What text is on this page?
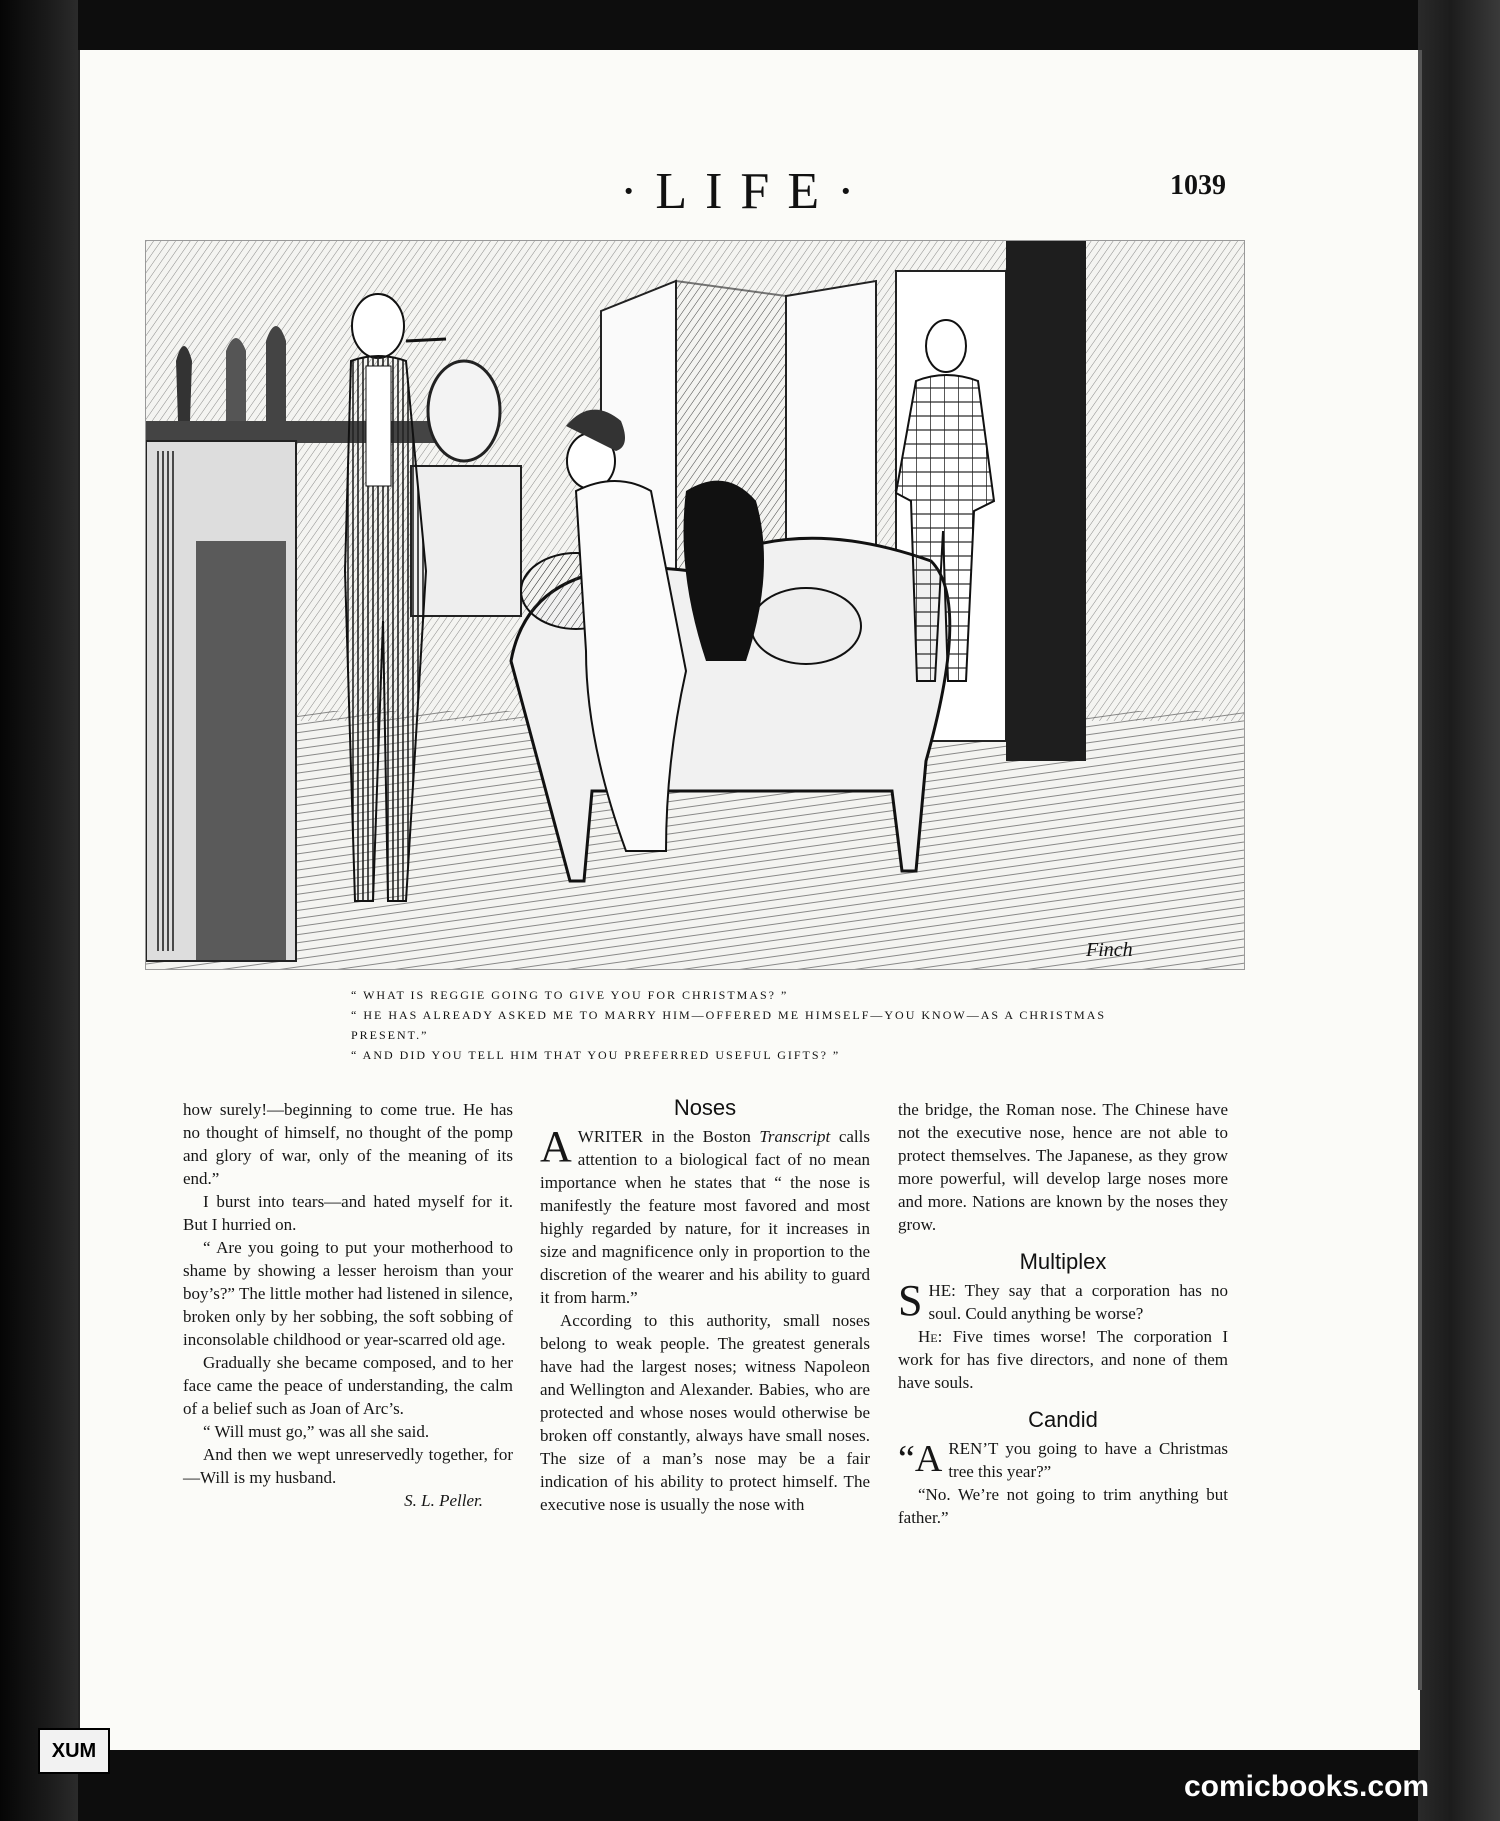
·LIFE·	1039
Finch

“ WHAT IS REGGIE GOING TO GIVE YOU FOR CHRISTMAS? ”

“ HE HAS ALREADY ASKED ME TO MARRY HIM—OFFERED ME HIMSELF—YOU KNOW—AS A CHRISTMAS PRESENT.”

“ AND DID YOU TELL HIM THAT YOU PREFERRED USEFUL GIFTS? ”

how surely!—beginning to come true. He has no thought of himself, no thought of the pomp and glory of war, only of the meaning of its end.”

I burst into tears—and hated myself for it. But I hurried on.

“ Are you going to put your motherhood to shame by showing a lesser heroism than your boy’s?” The little mother had listened in silence, broken only by her sobbing, the soft sobbing of inconsolable childhood or year-scarred old age.

Gradually she became composed, and to her face came the peace of understanding, the calm of a belief such as Joan of Arc’s.

“ Will must go,” was all she said.

And then we wept unreservedly together, for—Will is my husband.

S. L. Peller.

Noses

AWRITER in the Boston Transcript calls attention to a biological fact of no mean importance when he states that “ the nose is manifestly the feature most favored and most highly regarded by nature, for it increases in size and magnificence only in proportion to the discretion of the wearer and his ability to guard it from harm.”

According to this authority, small noses belong to weak people. The greatest generals have had the largest noses; witness Napoleon and Wellington and Alexander. Babies, who are protected and whose noses would otherwise be broken off constantly, always have small noses. The size of a man’s nose may be a fair indication of his ability to protect himself. The executive nose is usually the nose with

the bridge, the Roman nose. The Chinese have not the executive nose, hence are not able to protect themselves. The Japanese, as they grow more powerful, will develop large noses more and more. Nations are known by the noses they grow.

Multiplex

SHE: They say that a corporation has no soul. Could anything be worse?

He: Five times worse! The corporation I work for has five directors, and none of them have souls.

Candid

“AREN’T you going to have a Christmas tree this year?”

“No. We’re not going to trim anything but father.”

XUM
comicbooks.com
